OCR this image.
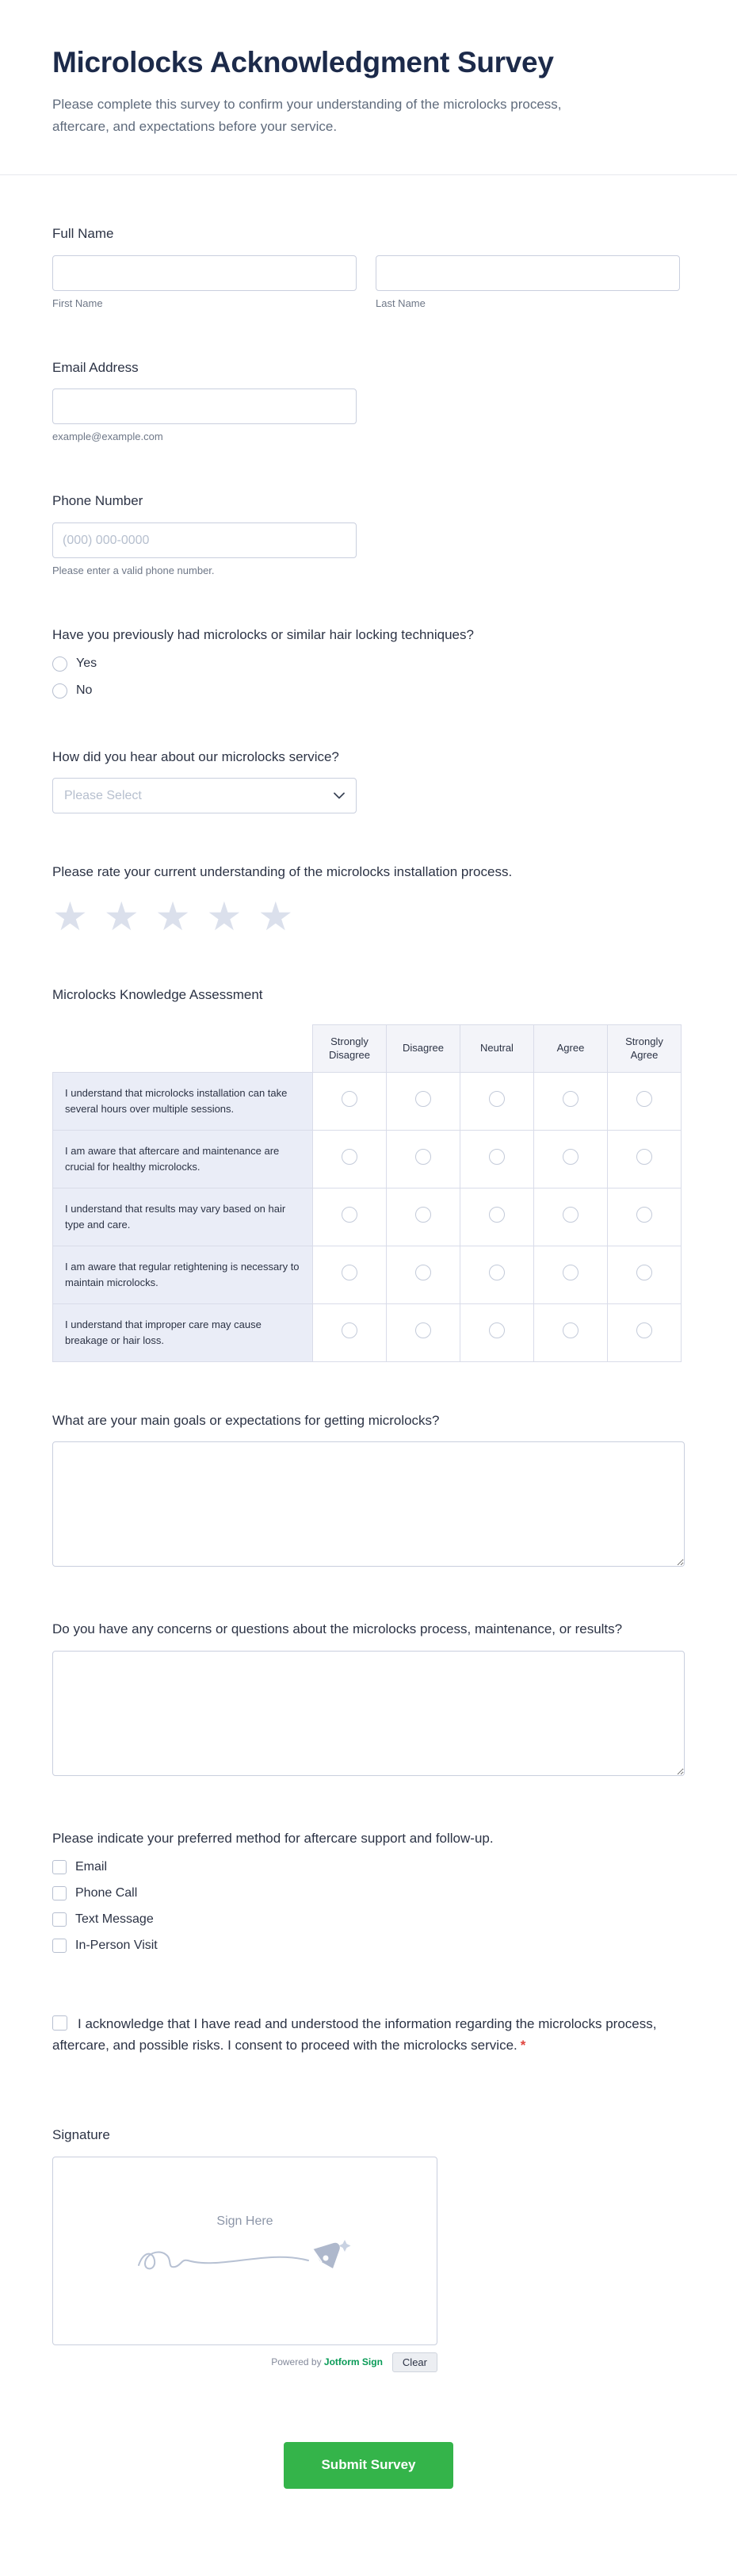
Microlocks Acknowledgment Survey
Please complete this survey to confirm your understanding of the microlocks process, aftercare, and expectations before your service.
Full Name
First Name	Last Name
Email Address
example@example.com
Phone Number
(000) 000-0000
Please enter a valid phone number.
Have you previously had microlocks or similar hair locking techniques?
Yes
No
How did you hear about our microlocks service?
Please Select
Please rate your current understanding of the microlocks installation process.
★ ★ ★ ★ ★
Microlocks Knowledge Assessment
	Strongly Disagree	Disagree	Neutral	Agree	Strongly Agree
I understand that microlocks installation can take several hours over multiple sessions.					
I am aware that aftercare and maintenance are crucial for healthy microlocks.					
I understand that results may vary based on hair type and care.					
I am aware that regular retightening is necessary to maintain microlocks.					
I understand that improper care may cause breakage or hair loss.					
What are your main goals or expectations for getting microlocks?
Do you have any concerns or questions about the microlocks process, maintenance, or results?
Please indicate your preferred method for aftercare support and follow-up.
Email
Phone Call
Text Message
In-Person Visit
I acknowledge that I have read and understood the information regarding the microlocks process, aftercare, and possible risks. I consent to proceed with the microlocks service. *
Signature
Sign Here
Powered by Jotform Sign	Clear
Submit Survey
